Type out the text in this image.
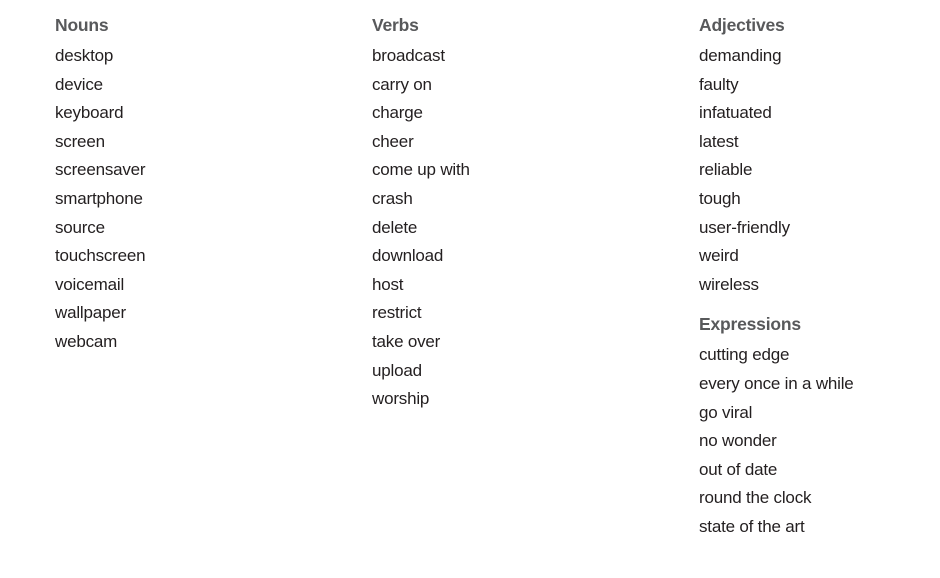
Nouns
desktop
device
keyboard
screen
screensaver
smartphone
source
touchscreen
voicemail
wallpaper
webcam
Verbs
broadcast
carry on
charge
cheer
come up with
crash
delete
download
host
restrict
take over
upload
worship
Adjectives
demanding
faulty
infatuated
latest
reliable
tough
user-friendly
weird
wireless
Expressions
cutting edge
every once in a while
go viral
no wonder
out of date
round the clock
state of the art
